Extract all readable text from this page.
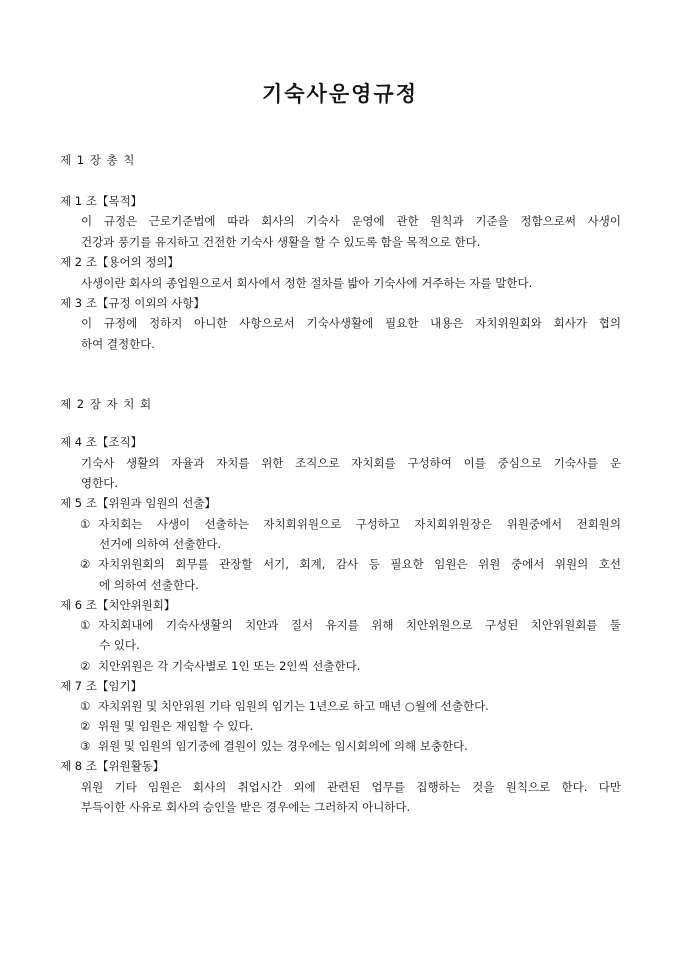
기숙사운영규정
제 1 장 총 칙
제 1 조【목적】
이 규정은 근로기준법에 따라 회사의 기숙사 운영에 관한 원칙과 기준을 정함으로써 사생이
건강과 풍기를 유지하고 건전한 기숙사 생활을 할 수 있도록 함을 목적으로 한다.
제 2 조【용어의 정의】
사생이란 회사의 종업원으로서 회사에서 정한 절차를 밟아 기숙사에 거주하는 자를 말한다.
제 3 조【규정 이외의 사항】
이 규정에 정하지 아니한 사항으로서 기숙사생활에 필요한 내용은 자치위원회와 회사가 협의
하여 결정한다.
제 2 장 자 치 회
제 4 조【조직】
기숙사 생활의 자율과 자치를 위한 조직으로 자치회를 구성하여 이를 중심으로 기숙사를 운
영한다.
제 5 조【위원과 임원의 선출】
① 자치회는 사생이 선출하는 자치회위원으로 구성하고 자치회위원장은 위원중에서 전회원의
선거에 의하여 선출한다.
② 자치위원회의 회무를 관장할 서기, 회계, 감사 등 필요한 임원은 위원 중에서 위원의 호선
에 의하여 선출한다.
제 6 조【치안위원회】
① 자치회내에 기숙사생활의 치안과 질서 유지를 위해 치안위원으로 구성된 치안위원회를 둘
수 있다.
② 치안위원은 각 기숙사별로 1인 또는 2인씩 선출한다.
제 7 조【임기】
① 자치위원 및 치안위원 기타 임원의 임기는 1년으로 하고 매년 ○월에 선출한다.
② 위원 및 임원은 재임할 수 있다.
③ 위원 및 임원의 임기중에 결원이 있는 경우에는 임시회의에 의해 보충한다.
제 8 조【위원활동】
위원 기타 임원은 회사의 취업시간 외에 관련된 업무를 집행하는 것을 원칙으로 한다. 다만
부득이한 사유로 회사의 승인을 받은 경우에는 그러하지 아니하다.
